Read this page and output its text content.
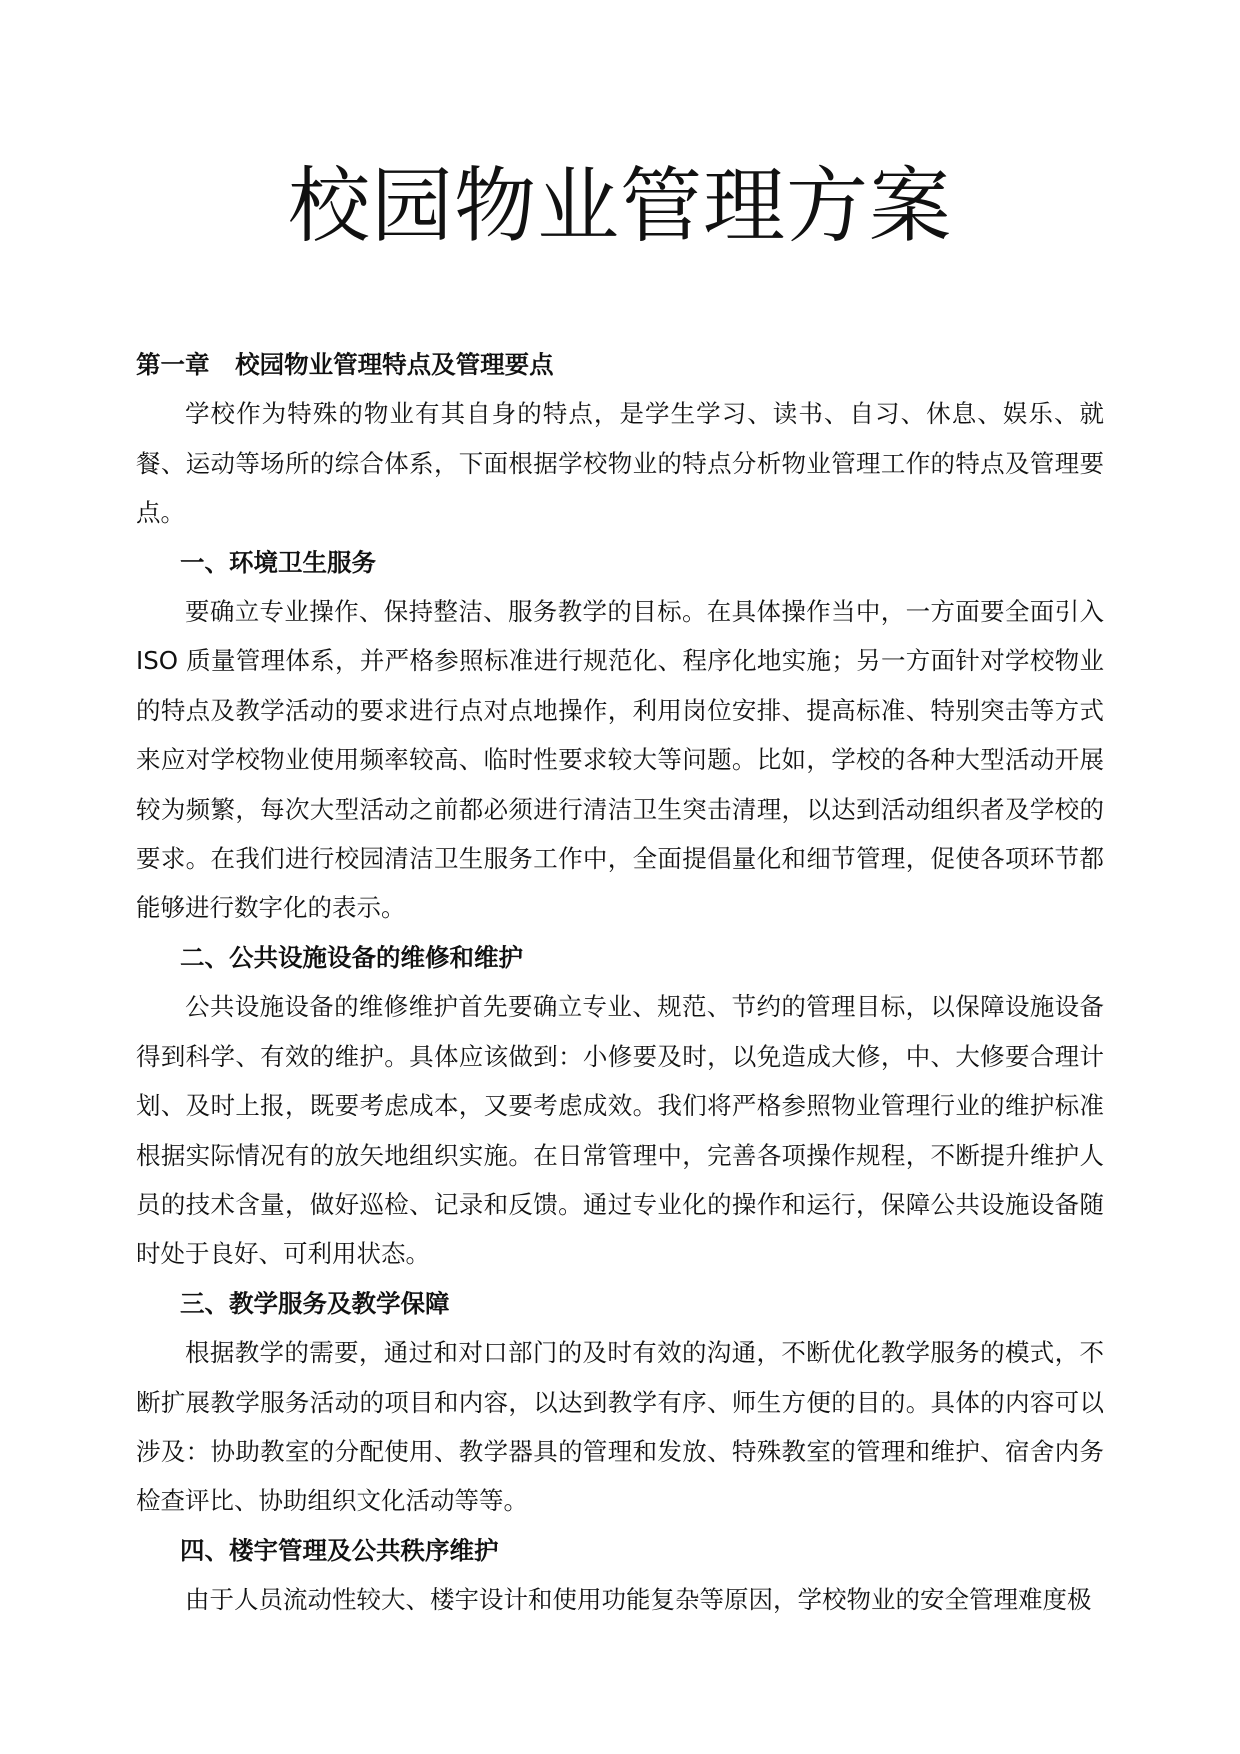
校园物业管理方案

第一章   校园物业管理特点及管理要点

学校作为特殊的物业有其自身的特点，是学生学习、读书、自习、休息、娱乐、就餐、运动等场所的综合体系，下面根据学校物业的特点分析物业管理工作的特点及管理要点。

一、环境卫生服务

要确立专业操作、保持整洁、服务教学的目标。在具体操作当中，一方面要全面引入 ISO 质量管理体系，并严格参照标准进行规范化、程序化地实施；另一方面针对学校物业的特点及教学活动的要求进行点对点地操作，利用岗位安排、提高标准、特别突击等方式来应对学校物业使用频率较高、临时性要求较大等问题。比如，学校的各种大型活动开展较为频繁，每次大型活动之前都必须进行清洁卫生突击清理，以达到活动组织者及学校的要求。在我们进行校园清洁卫生服务工作中，全面提倡量化和细节管理，促使各项环节都能够进行数字化的表示。

二、公共设施设备的维修和维护

公共设施设备的维修维护首先要确立专业、规范、节约的管理目标，以保障设施设备得到科学、有效的维护。具体应该做到：小修要及时，以免造成大修，中、大修要合理计划、及时上报，既要考虑成本，又要考虑成效。我们将严格参照物业管理行业的维护标准根据实际情况有的放矢地组织实施。在日常管理中，完善各项操作规程，不断提升维护人员的技术含量，做好巡检、记录和反馈。通过专业化的操作和运行，保障公共设施设备随时处于良好、可利用状态。

三、教学服务及教学保障

根据教学的需要，通过和对口部门的及时有效的沟通，不断优化教学服务的模式，不断扩展教学服务活动的项目和内容，以达到教学有序、师生方便的目的。具体的内容可以涉及：协助教室的分配使用、教学器具的管理和发放、特殊教室的管理和维护、宿舍内务检查评比、协助组织文化活动等等。

四、楼宇管理及公共秩序维护

由于人员流动性较大、楼宇设计和使用功能复杂等原因，学校物业的安全管理难度极
